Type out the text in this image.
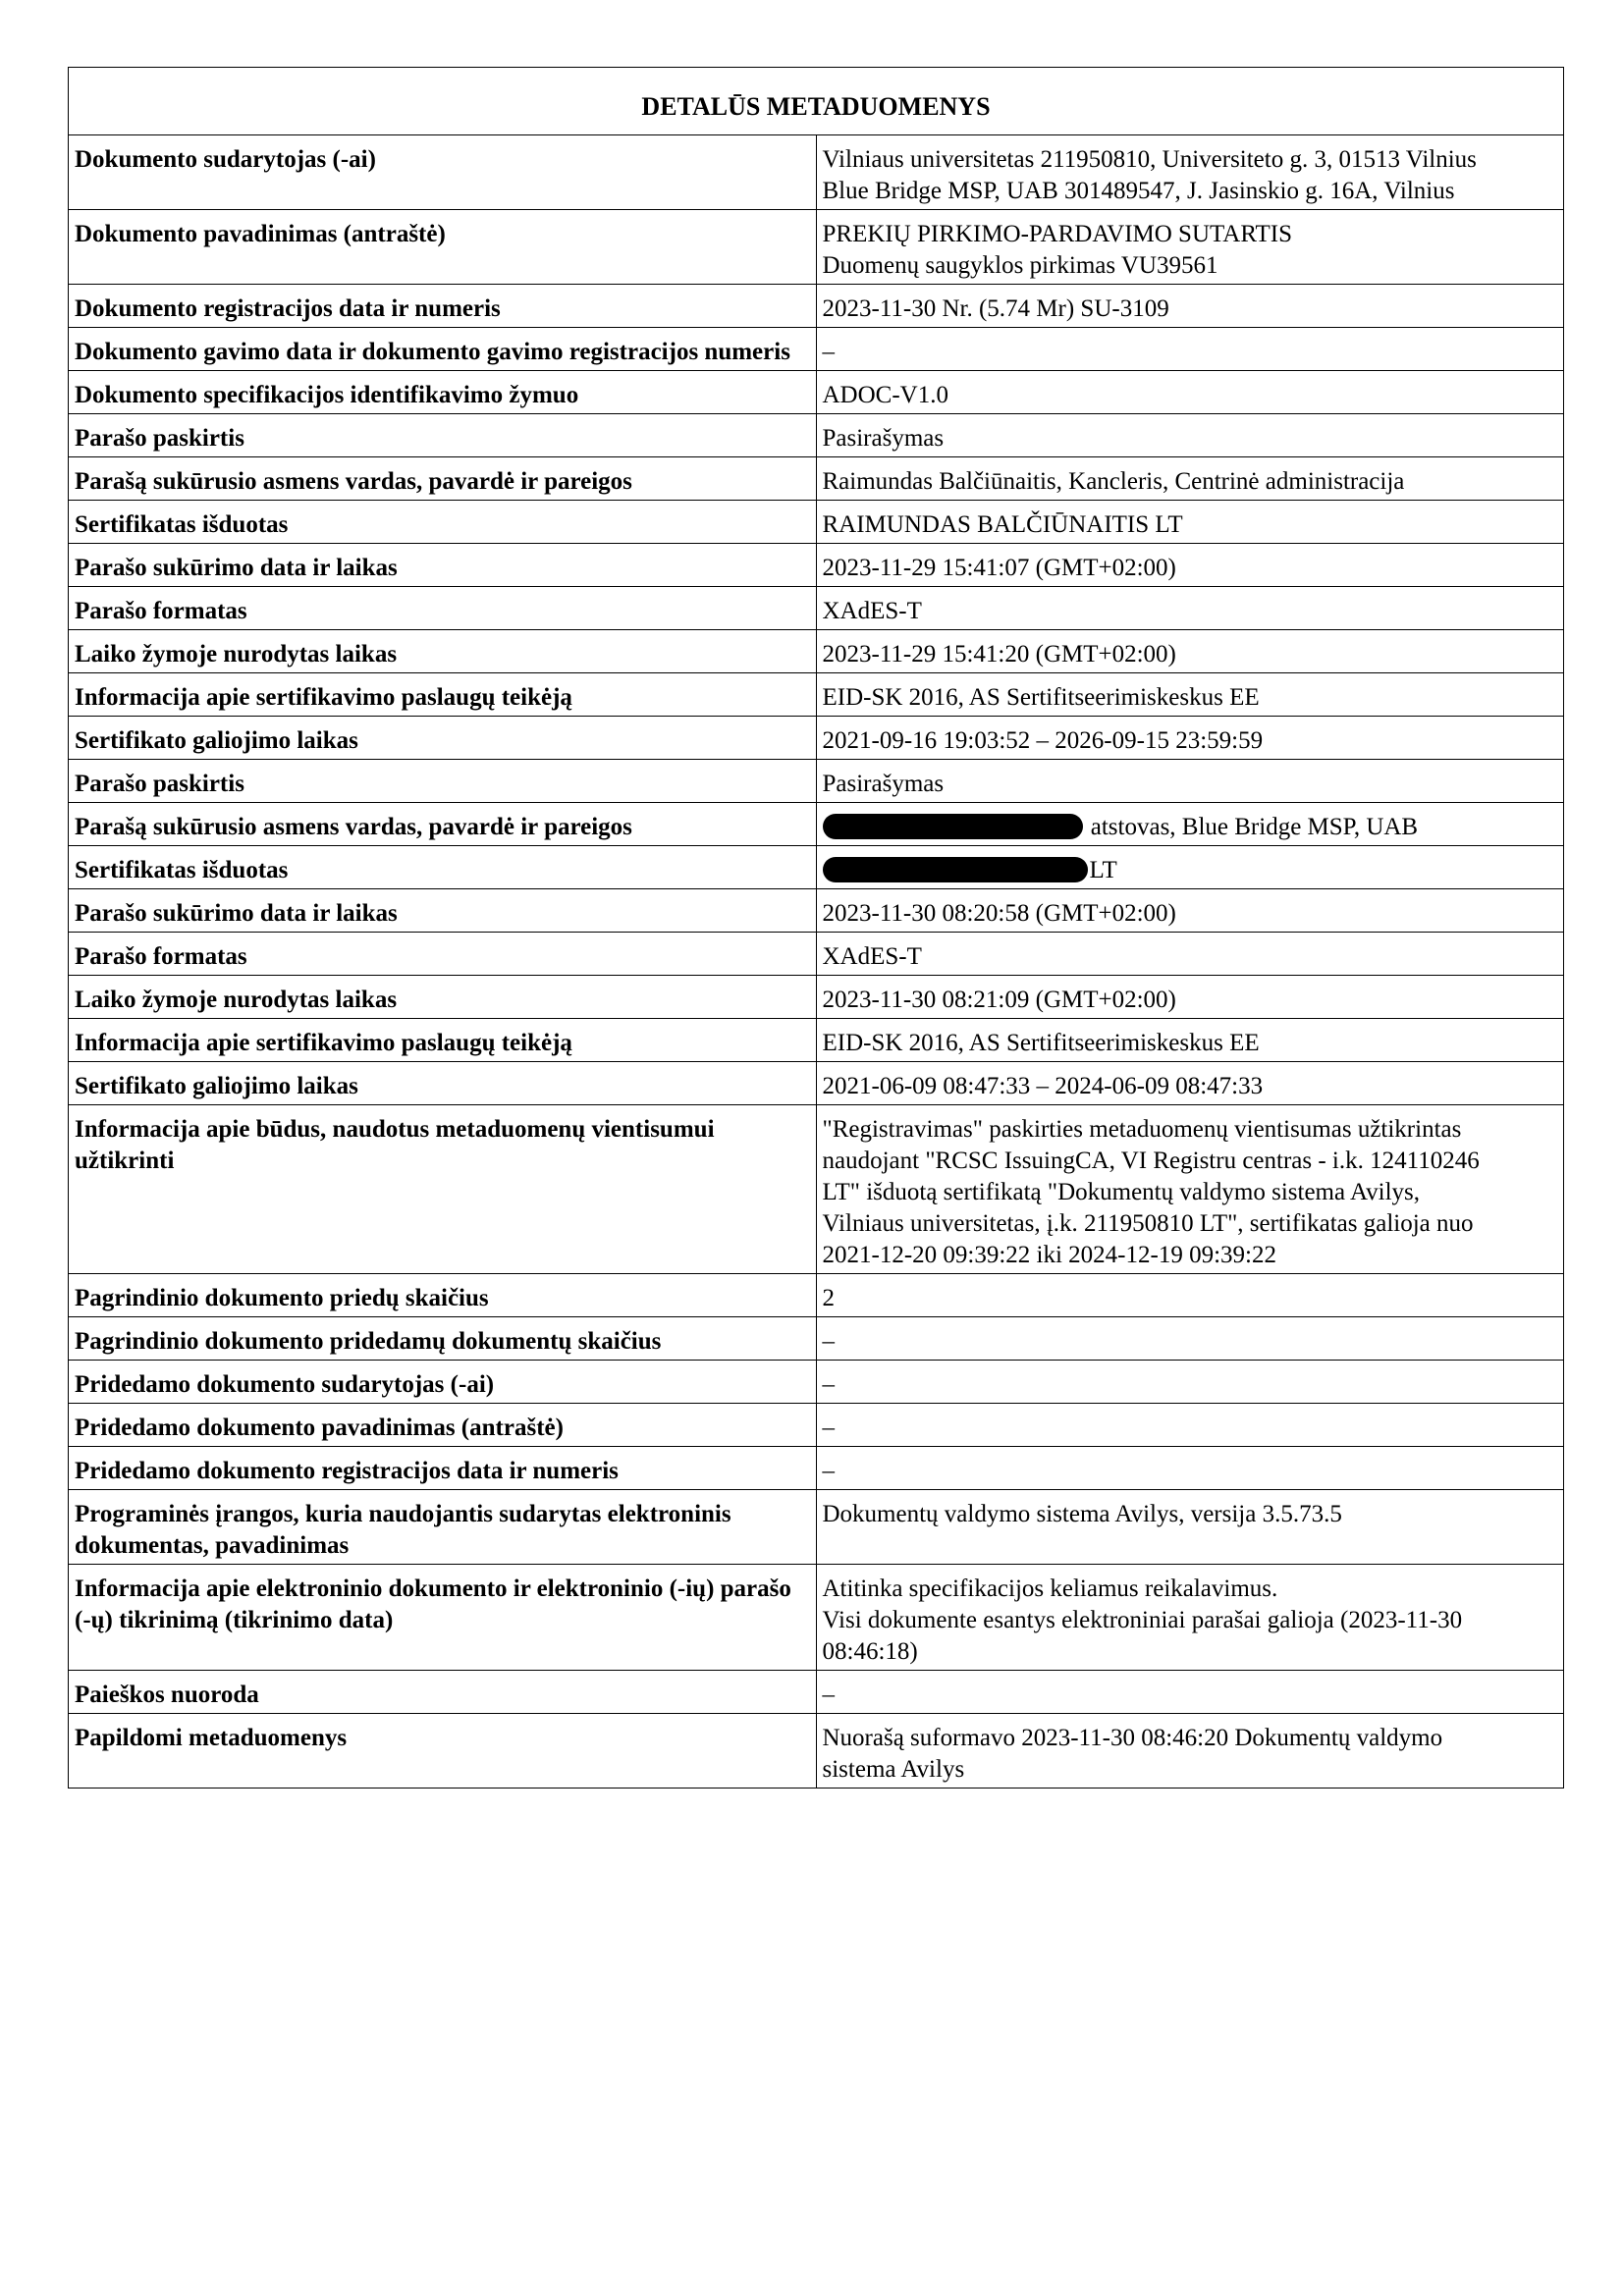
DETALŪS METADUOMENYS	
Dokumento sudarytojas (-ai)	Vilniaus universitetas 211950810, Universiteto g. 3, 01513 Vilnius
Blue Bridge MSP, UAB 301489547, J. Jasinskio g. 16A, Vilnius

Dokumento pavadinimas (antraštė)	PREKIŲ PIRKIMO-PARDAVIMO SUTARTIS
Duomenų saugyklos pirkimas VU39561

Dokumento registracijos data ir numeris	2023-11-30 Nr. (5.74 Mr) SU-3109

Dokumento gavimo data ir dokumento gavimo registracijos numeris	–

Dokumento specifikacijos identifikavimo žymuo	ADOC-V1.0

Parašo paskirtis	Pasirašymas

Parašą sukūrusio asmens vardas, pavardė ir pareigos	Raimundas Balčiūnaitis, Kancleris, Centrinė administracija

Sertifikatas išduotas	RAIMUNDAS BALČIŪNAITIS LT

Parašo sukūrimo data ir laikas	2023-11-29 15:41:07 (GMT+02:00)

Parašo formatas	XAdES-T

Laiko žymoje nurodytas laikas	2023-11-29 15:41:20 (GMT+02:00)

Informacija apie sertifikavimo paslaugų teikėją	EID-SK 2016, AS Sertifitseerimiskeskus EE

Sertifikato galiojimo laikas	2021-09-16 19:03:52 – 2026-09-15 23:59:59

Parašo paskirtis	Pasirašymas

Parašą sukūrusio asmens vardas, pavardė ir pareigos	atstovas, Blue Bridge MSP, UAB

Sertifikatas išduotas	LT

Parašo sukūrimo data ir laikas	2023-11-30 08:20:58 (GMT+02:00)

Parašo formatas	XAdES-T

Laiko žymoje nurodytas laikas	2023-11-30 08:21:09 (GMT+02:00)

Informacija apie sertifikavimo paslaugų teikėją	EID-SK 2016, AS Sertifitseerimiskeskus EE

Sertifikato galiojimo laikas	2021-06-09 08:47:33 – 2024-06-09 08:47:33

Informacija apie būdus, naudotus metaduomenų vientisumui užtikrinti	"Registravimas" paskirties metaduomenų vientisumas užtikrintas
naudojant "RCSC IssuingCA, VI Registru centras - i.k. 124110246
LT" išduotą sertifikatą "Dokumentų valdymo sistema Avilys,
Vilniaus universitetas, į.k. 211950810 LT", sertifikatas galioja nuo
2021-12-20 09:39:22 iki 2024-12-19 09:39:22

Pagrindinio dokumento priedų skaičius	2

Pagrindinio dokumento pridedamų dokumentų skaičius	–

Pridedamo dokumento sudarytojas (-ai)	–

Pridedamo dokumento pavadinimas (antraštė)	–

Pridedamo dokumento registracijos data ir numeris	–

Programinės įrangos, kuria naudojantis sudarytas elektroninis dokumentas, pavadinimas	Dokumentų valdymo sistema Avilys, versija 3.5.73.5

Informacija apie elektroninio dokumento ir elektroninio (-ių) parašo (-ų) tikrinimą (tikrinimo data)	Atitinka specifikacijos keliamus reikalavimus.
Visi dokumente esantys elektroniniai parašai galioja (2023-11-30
08:46:18)

Paieškos nuoroda	–

Papildomi metaduomenys	Nuorašą suformavo 2023-11-30 08:46:20 Dokumentų valdymo
sistema Avilys
